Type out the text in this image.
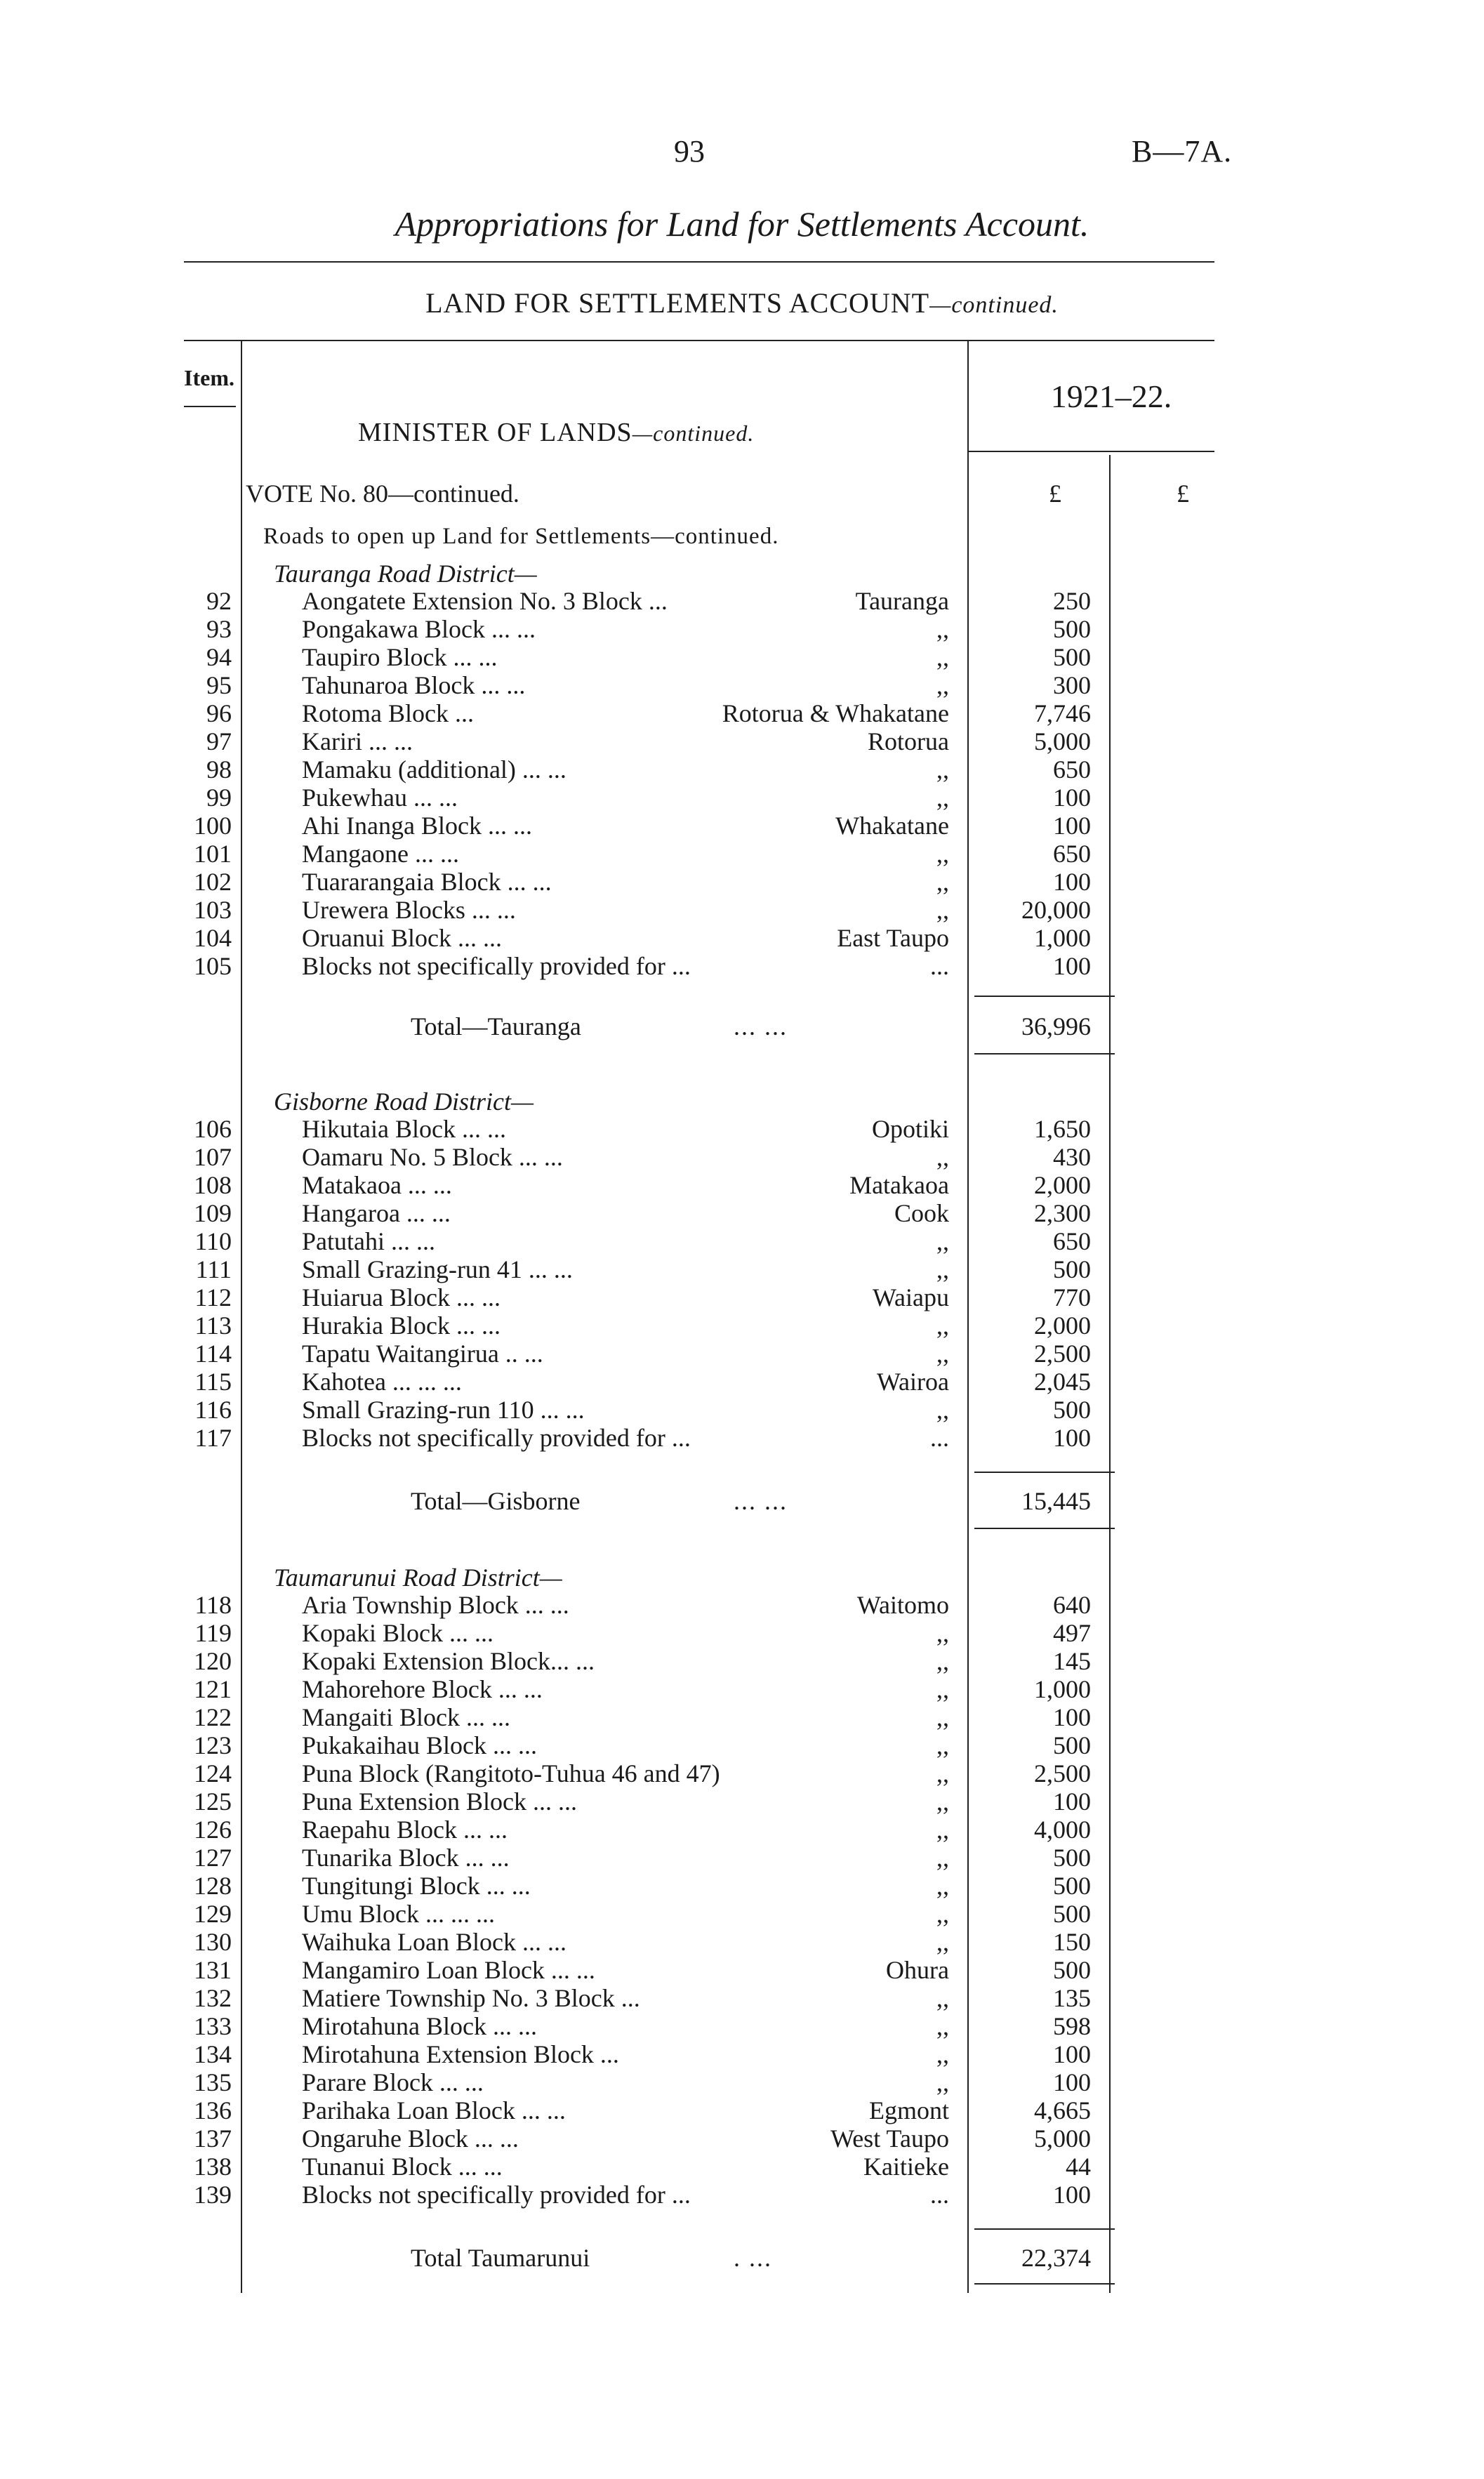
93	B—7A.
Appropriations for Land for Settlements Account.
LAND FOR SETTLEMENTS ACCOUNT—continued.
Item.
1921–22.
MINISTER OF LANDS—continued.
VOTE No. 80—continued.	£	£
Roads to open up Land for Settlements—continued.
Tauranga Road District—
92	Aongatete Extension No. 3 Block ...	Tauranga	250
93	Pongakawa Block ... ...	,,	500
94	Taupiro Block ... ...	,,	500
95	Tahunaroa Block ... ...	,,	300
96	Rotoma Block ...	Rotorua & Whakatane	7,746
97	Kariri ... ...	Rotorua	5,000
98	Mamaku (additional) ... ...	,,	650
99	Pukewhau ... ...	,,	100
100	Ahi Inanga Block ... ...	Whakatane	100
101	Mangaone ... ...	,,	650
102	Tuararangaia Block ... ...	,,	100
103	Urewera Blocks ... ...	,,	20,000
104	Oruanui Block ... ...	East Taupo	1,000
105	Blocks not specifically provided for ...	...	100
Total—Tauranga	... ...	36,996
Gisborne Road District—
106	Hikutaia Block ... ...	Opotiki	1,650
107	Oamaru No. 5 Block ... ...	,,	430
108	Matakaoa ... ...	Matakaoa	2,000
109	Hangaroa ... ...	Cook	2,300
110	Patutahi ... ...	,,	650
111	Small Grazing-run 41 ... ...	,,	500
112	Huiarua Block ... ...	Waiapu	770
113	Hurakia Block ... ...	,,	2,000
114	Tapatu Waitangirua .. ...	,,	2,500
115	Kahotea ... ... ...	Wairoa	2,045
116	Small Grazing-run 110 ... ...	,,	500
117	Blocks not specifically provided for ...	...	100
Total—Gisborne	... ...	15,445
Taumarunui Road District—
118	Aria Township Block ... ...	Waitomo	640
119	Kopaki Block ... ...	,,	497
120	Kopaki Extension Block... ...	,,	145
121	Mahorehore Block ... ...	,,	1,000
122	Mangaiti Block ... ...	,,	100
123	Pukakaihau Block ... ...	,,	500
124	Puna Block (Rangitoto-Tuhua 46 and 47)	,,	2,500
125	Puna Extension Block ... ...	,,	100
126	Raepahu Block ... ...	,,	4,000
127	Tunarika Block ... ...	,,	500
128	Tungitungi Block ... ...	,,	500
129	Umu Block ... ... ...	,,	500
130	Waihuka Loan Block ... ...	,,	150
131	Mangamiro Loan Block ... ...	Ohura	500
132	Matiere Township No. 3 Block ...	,,	135
133	Mirotahuna Block ... ...	,,	598
134	Mirotahuna Extension Block ...	,,	100
135	Parare Block ... ...	,,	100
136	Parihaka Loan Block ... ...	Egmont	4,665
137	Ongaruhe Block ... ...	West Taupo	5,000
138	Tunanui Block ... ...	Kaitieke	44
139	Blocks not specifically provided for ...	...	100
Total Taumarunui	. ...	22,374
